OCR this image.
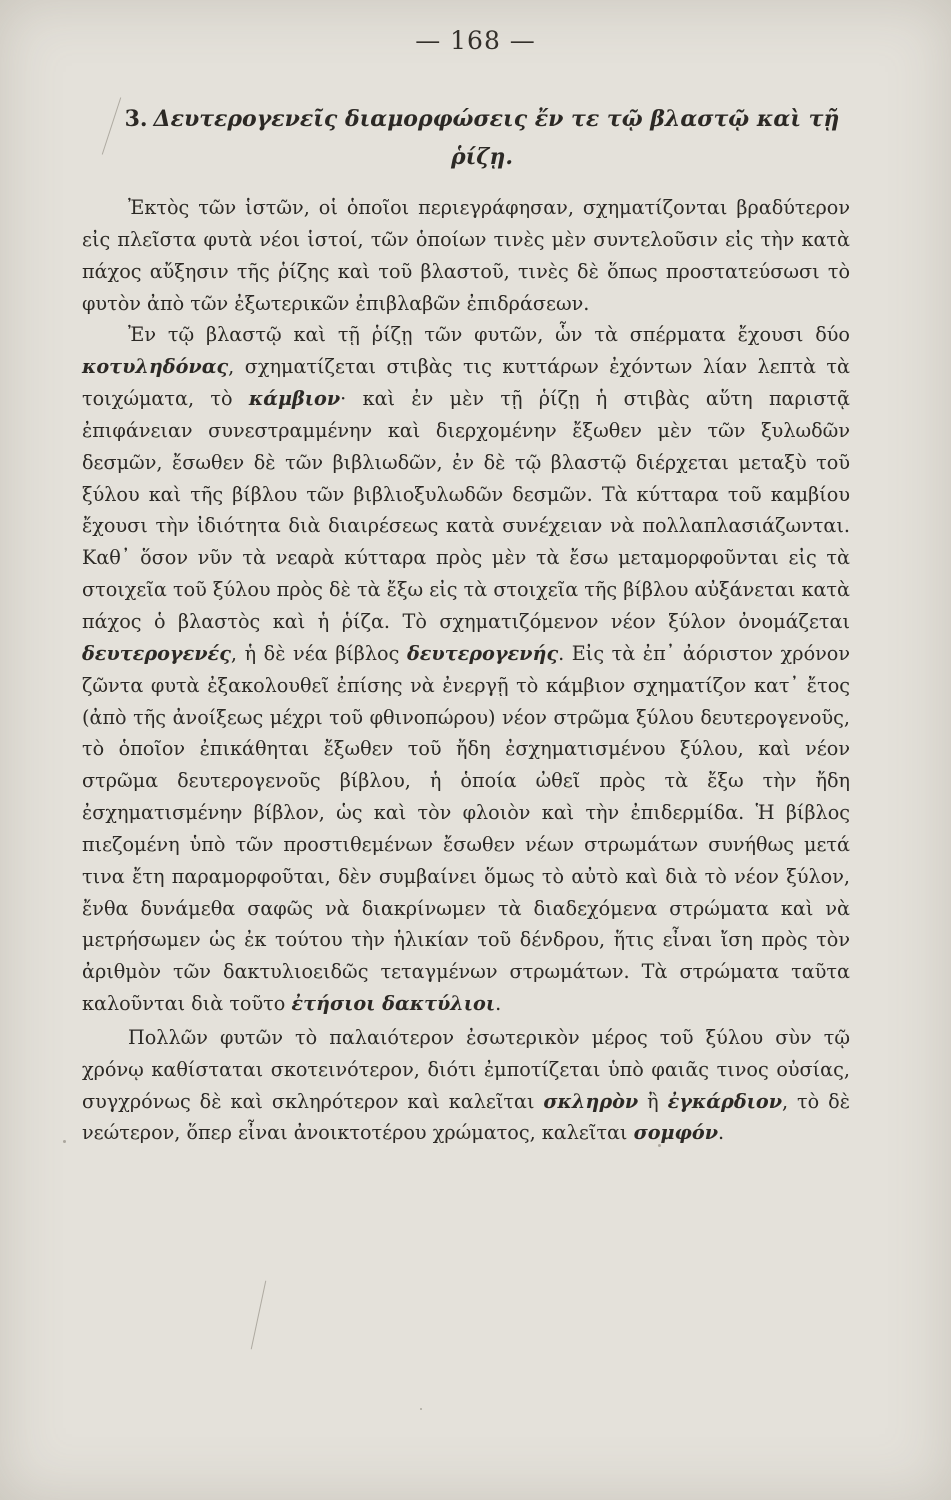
— 168 —
3. Δευτερογενεῖς διαμορφώσεις ἔν τε τῷ βλαστῷ καὶ τῇ ῥίζῃ.

Ἐκτὸς τῶν ἱστῶν, οἱ ὁποῖοι περιεγράφησαν, σχηματίζονται βραδύτερον εἰς πλεῖστα φυτὰ νέοι ἱστοί, τῶν ὁποίων τινὲς μὲν συντελοῦσιν εἰς τὴν κατὰ πάχος αὔξησιν τῆς ῥίζης καὶ τοῦ βλαστοῦ, τινὲς δὲ ὅπως προστατεύσωσι τὸ φυτὸν ἀπὸ τῶν ἐξωτερικῶν ἐπιβλαβῶν ἐπιδράσεων.

Ἐν τῷ βλαστῷ καὶ τῇ ῥίζῃ τῶν φυτῶν, ὧν τὰ σπέρματα ἔχουσι δύο κοτυληδόνας, σχηματίζεται στιβὰς τις κυττάρων ἐχόντων λίαν λεπτὰ τὰ τοιχώματα, τὸ κάμβιον· καὶ ἐν μὲν τῇ ῥίζῃ ἡ στιβὰς αὕτη παριστᾷ ἐπιφάνειαν συνεστραμμένην καὶ διερχομένην ἔξωθεν μὲν τῶν ξυλωδῶν δεσμῶν, ἔσωθεν δὲ τῶν βιβλιωδῶν, ἐν δὲ τῷ βλαστῷ διέρχεται μεταξὺ τοῦ ξύλου καὶ τῆς βίβλου τῶν βιβλιοξυλωδῶν δεσμῶν. Τὰ κύτταρα τοῦ καμβίου ἔχουσι τὴν ἰδιότητα διὰ διαιρέσεως κατὰ συνέχειαν νὰ πολλαπλασιάζωνται. Καθ᾽ ὅσον νῦν τὰ νεαρὰ κύτταρα πρὸς μὲν τὰ ἔσω μεταμορφοῦνται εἰς τὰ στοιχεῖα τοῦ ξύλου πρὸς δὲ τὰ ἔξω εἰς τὰ στοιχεῖα τῆς βίβλου αὐξάνεται κατὰ πάχος ὁ βλαστὸς καὶ ἡ ῥίζα. Τὸ σχηματιζόμενον νέον ξύλον ὀνομάζεται δευτερογενές, ἡ δὲ νέα βίβλος δευτερογενής. Εἰς τὰ ἐπ᾽ ἀόριστον χρόνον ζῶντα φυτὰ ἐξακολουθεῖ ἐπίσης νὰ ἐνεργῇ τὸ κάμβιον σχηματίζον κατ᾽ ἔτος (ἀπὸ τῆς ἀνοίξεως μέχρι τοῦ φθινοπώρου) νέον στρῶμα ξύλου δευτερογενοῦς, τὸ ὁποῖον ἐπικάθηται ἔξωθεν τοῦ ἤδη ἐσχηματισμένου ξύλου, καὶ νέον στρῶμα δευτερογενοῦς βίβλου, ἡ ὁποία ὠθεῖ πρὸς τὰ ἔξω τὴν ἤδη ἐσχηματισμένην βίβλον, ὡς καὶ τὸν φλοιὸν καὶ τὴν ἐπιδερμίδα. Ἡ βίβλος πιεζομένη ὑπὸ τῶν προστιθεμένων ἔσωθεν νέων στρωμάτων συνήθως μετά τινα ἔτη παραμορφοῦται, δὲν συμβαίνει ὅμως τὸ αὐτὸ καὶ διὰ τὸ νέον ξύλον, ἔνθα δυνάμεθα σαφῶς νὰ διακρίνωμεν τὰ διαδεχόμενα στρώματα καὶ νὰ μετρήσωμεν ὡς ἐκ τούτου τὴν ἡλικίαν τοῦ δένδρου, ἥτις εἶναι ἴση πρὸς τὸν ἀριθμὸν τῶν δακτυλιοειδῶς τεταγμένων στρωμάτων. Τὰ στρώματα ταῦτα καλοῦνται διὰ τοῦτο ἐτήσιοι δακτύλιοι.

Πολλῶν φυτῶν τὸ παλαιότερον ἐσωτερικὸν μέρος τοῦ ξύλου σὺν τῷ χρόνῳ καθίσταται σκοτεινότερον, διότι ἐμποτίζεται ὑπὸ φαιᾶς τινος οὐσίας, συγχρόνως δὲ καὶ σκληρότερον καὶ καλεῖται σκληρὸν ἢ ἐγκάρδιον, τὸ δὲ νεώτερον, ὅπερ εἶναι ἀνοικτοτέρου χρώματος, καλεῖται σομφόν.
